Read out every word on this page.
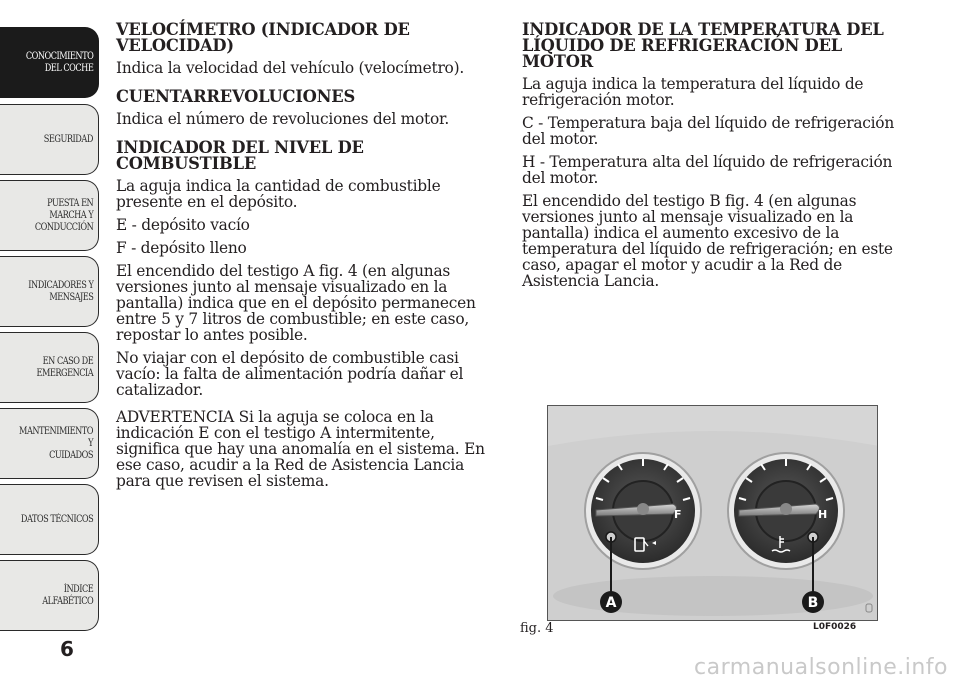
CONOCIMIENTO
DEL COCHE
SEGURIDAD
PUESTA EN
MARCHA Y
CONDUCCIÓN
INDICADORES Y
MENSAJES
EN CASO DE
EMERGENCIA
MANTENIMIENTO Y
CUIDADOS
DATOS TÉCNICOS
ÍNDICE
ALFABÉTICO
6
VELOCÍMETRO (INDICADOR DE VELOCIDAD)

Indica la velocidad del vehículo (velocímetro).

CUENTARREVOLUCIONES

Indica el número de revoluciones del motor.

INDICADOR DEL NIVEL DE COMBUSTIBLE

La aguja indica la cantidad de combustible presente en el depósito.

E - depósito vacío

F - depósito lleno

El encendido del testigo A fig. 4 (en algunas versiones junto al mensaje visualizado en la pantalla) indica que en el depósito permanecen entre 5 y 7 litros de combustible; en este caso, repostar lo antes posible.

No viajar con el depósito de combustible casi vacío: la falta de alimentación podría dañar el catalizador.

ADVERTENCIA Si la aguja se coloca en la indicación E con el testigo A intermitente, significa que hay una anomalía en el sistema. En ese caso, acudir a la Red de Asistencia Lancia para que revisen el sistema.

INDICADOR DE LA TEMPERATURA DEL LÍQUIDO DE REFRIGERACIÓN DEL MOTOR

La aguja indica la temperatura del líquido de refrigeración motor.

C - Temperatura baja del líquido de refrigeración del motor.

H - Temperatura alta del líquido de refrigeración del motor.

El encendido del testigo B fig. 4 (en algunas versiones junto al mensaje visualizado en la pantalla) indica el aumento excesivo de la temperatura del líquido de refrigeración; en este caso, apagar el motor y acudir a la Red de Asistencia Lancia.

F	H
A	B
fig. 4	L0F0026
carmanualsonline.info
